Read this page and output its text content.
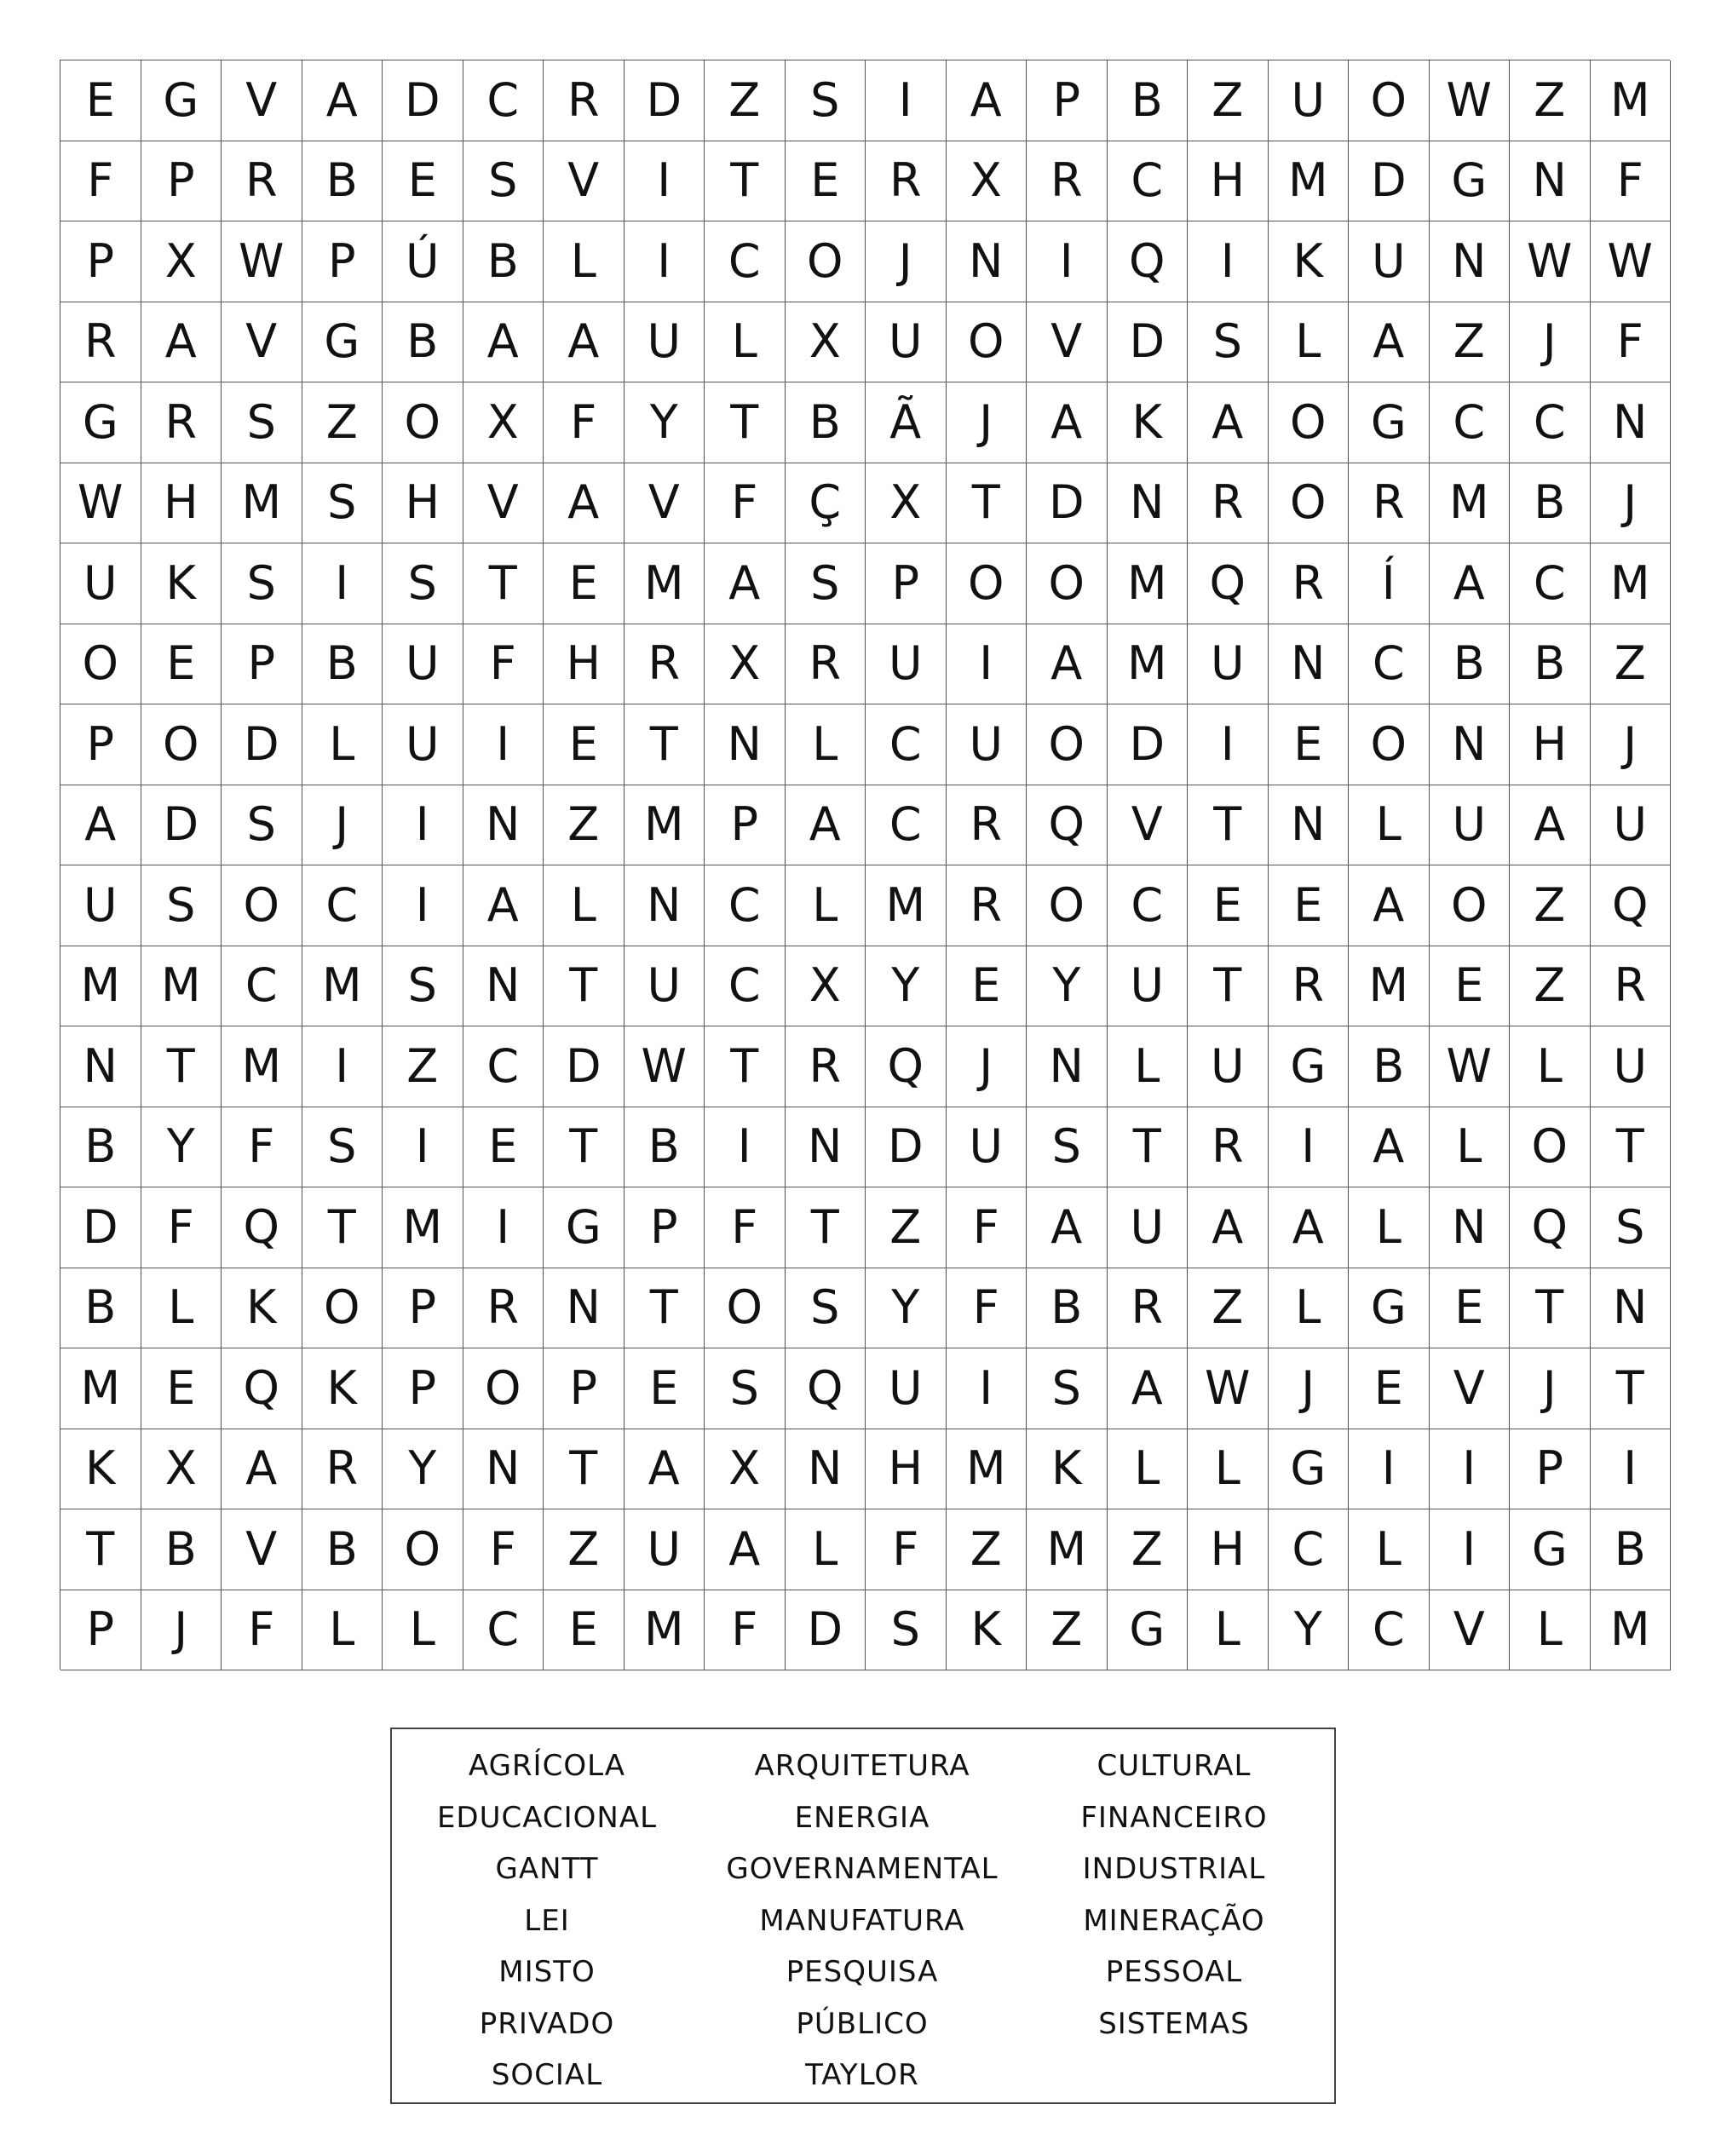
E	G	V	A	D	C	R	D	Z	S	I	A	P	B	Z	U O W Z M
F	P	R	B	E	S	V	I	T	E	R	X	R	C	H M D G N	F
P	X W P	Ú	B	L	I	C	O	J	N	I	Q	I	K	U	N W W
R	A	V	G	B	A	A	U	L	X	U O	V	D	S	L	A	Z	J	F
G	R	S	Z	O	X	F	Y	T	B	Ã	J	A	K	A	O G	C	C	N
W H M	S	H	V	A	V	F	Ç	X	T	D N	R	O	R M B	J
U	K	S	I	S	T	E	M A	S	P	O O M Q	R	Í	A	C M
O	E	P	B	U	F	H	R	X	R	U	I	A M U	N	C	B	B	Z
P	O D	L	U	I	E	T	N	L	C	U O D	I	E	O N H	J
A	D	S	J	I	N	Z M	P	A	C	R	Q	V	T	N	L	U	A	U
U	S	O	C	I	A	L	N	C	L	M R	O	C	E	E	A	O	Z	Q
M M C M	S	N	T	U	C	X	Y	E	Y	U	T	R M	E	Z	R
N	T	M	I	Z	C	D W T	R	Q	J	N	L	U G	B W L	U
B	Y	F	S	I	E	T	B	I	N D U	S	T	R	I	A	L	O	T
D	F	Q	T	M	I	G	P	F	T	Z	F	A	U	A	A	L	N Q	S
B	L	K	O	P	R	N	T	O	S	Y	F	B	R	Z	L	G	E	T	N
M	E	Q	K	P	O	P	E	S	Q U	I	S	A W	J	E	V	J	T
K	X	A	R	Y	N	T	A	X	N H M K	L	L	G	I	I	P	I
T	B	V	B	O	F	Z	U	A	L	F	Z M Z	H	C	L	I	G	B
P	J	F	L	L	C	E	M	F	D	S	K	Z	G	L	Y	C	V	L	M
AGRÍCOLA	ARQUITETURA	CULTURAL
EDUCACIONAL	ENERGIA	FINANCEIRO
GANTT	GOVERNAMENTAL	INDUSTRIAL
LEI	MANUFATURA	MINERAÇÃO
MISTO	PESQUISA	PESSOAL
PRIVADO	PÚBLICO	SISTEMAS
SOCIAL	TAYLOR
